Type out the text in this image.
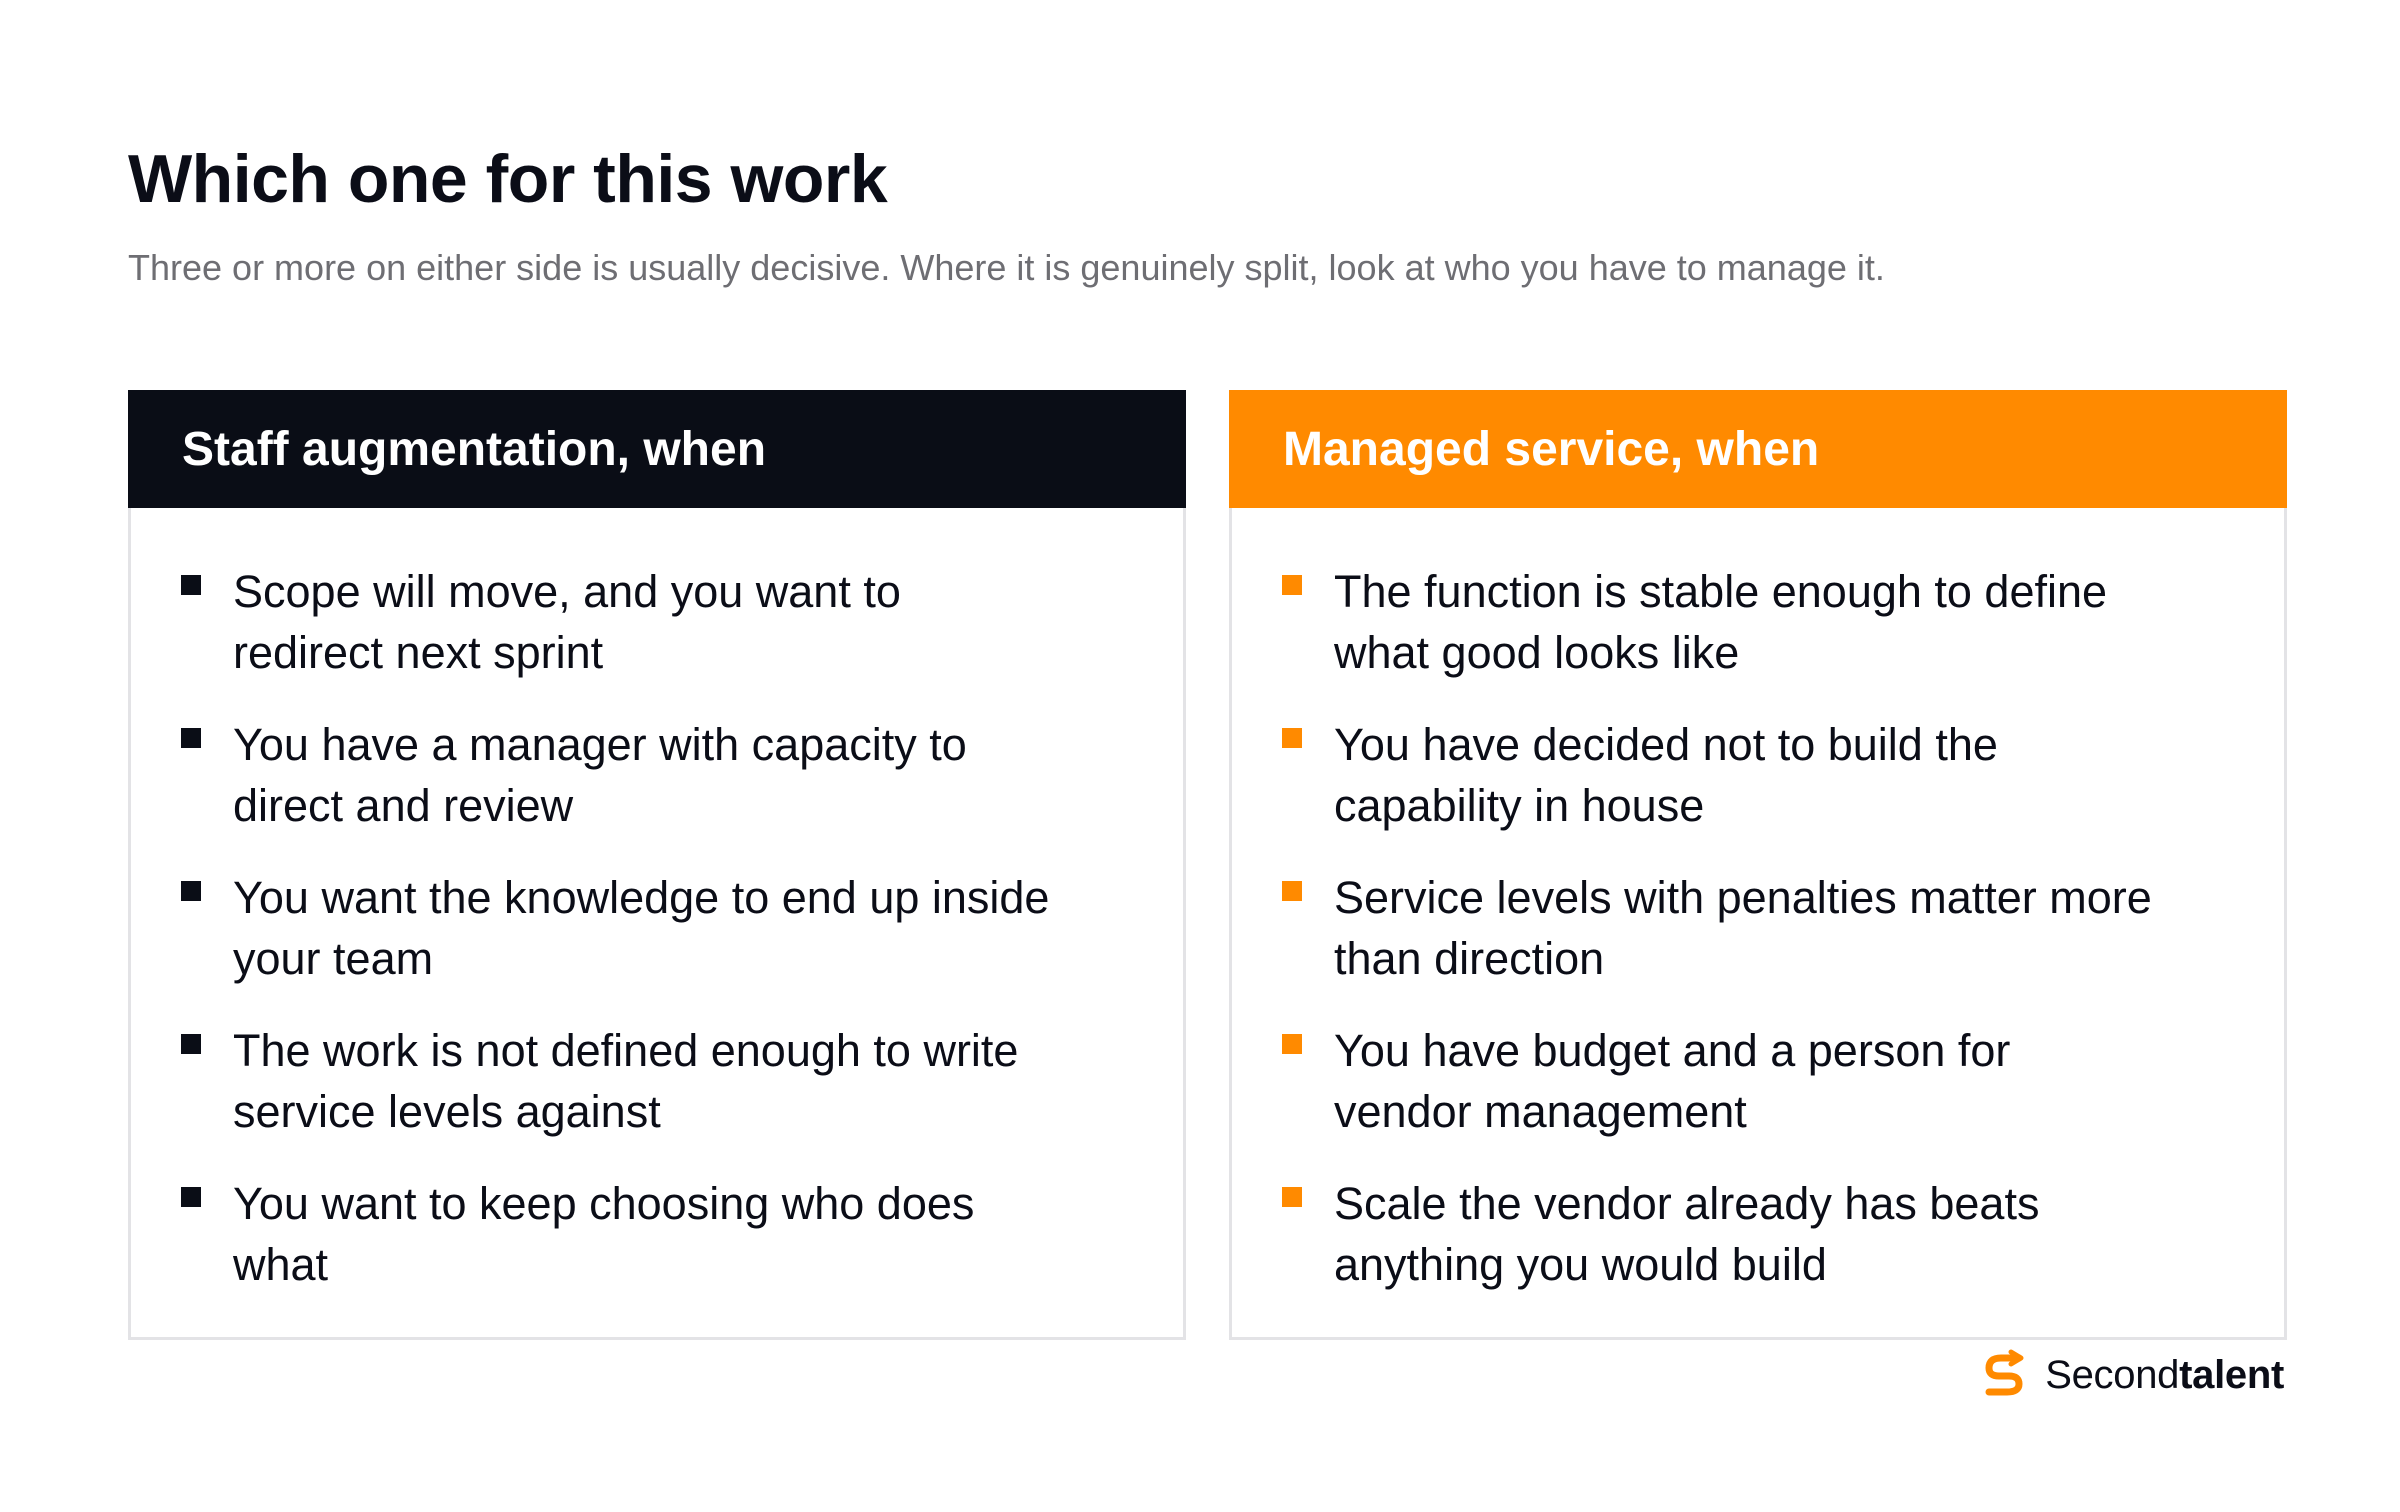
Which one for this work

Three or more on either side is usually decisive. Where it is genuinely split, look at who you have to manage it.

Staff augmentation, when
Scope will move, and you want to redirect next sprint
You have a manager with capacity to direct and review
You want the knowledge to end up inside your team
The work is not defined enough to write service levels against
You want to keep choosing who does what
Managed service, when
The function is stable enough to define what good looks like
You have decided not to build the capability in house
Service levels with penalties matter more than direction
You have budget and a person for vendor management
Scale the vendor already has beats anything you would build
Secondtalent
